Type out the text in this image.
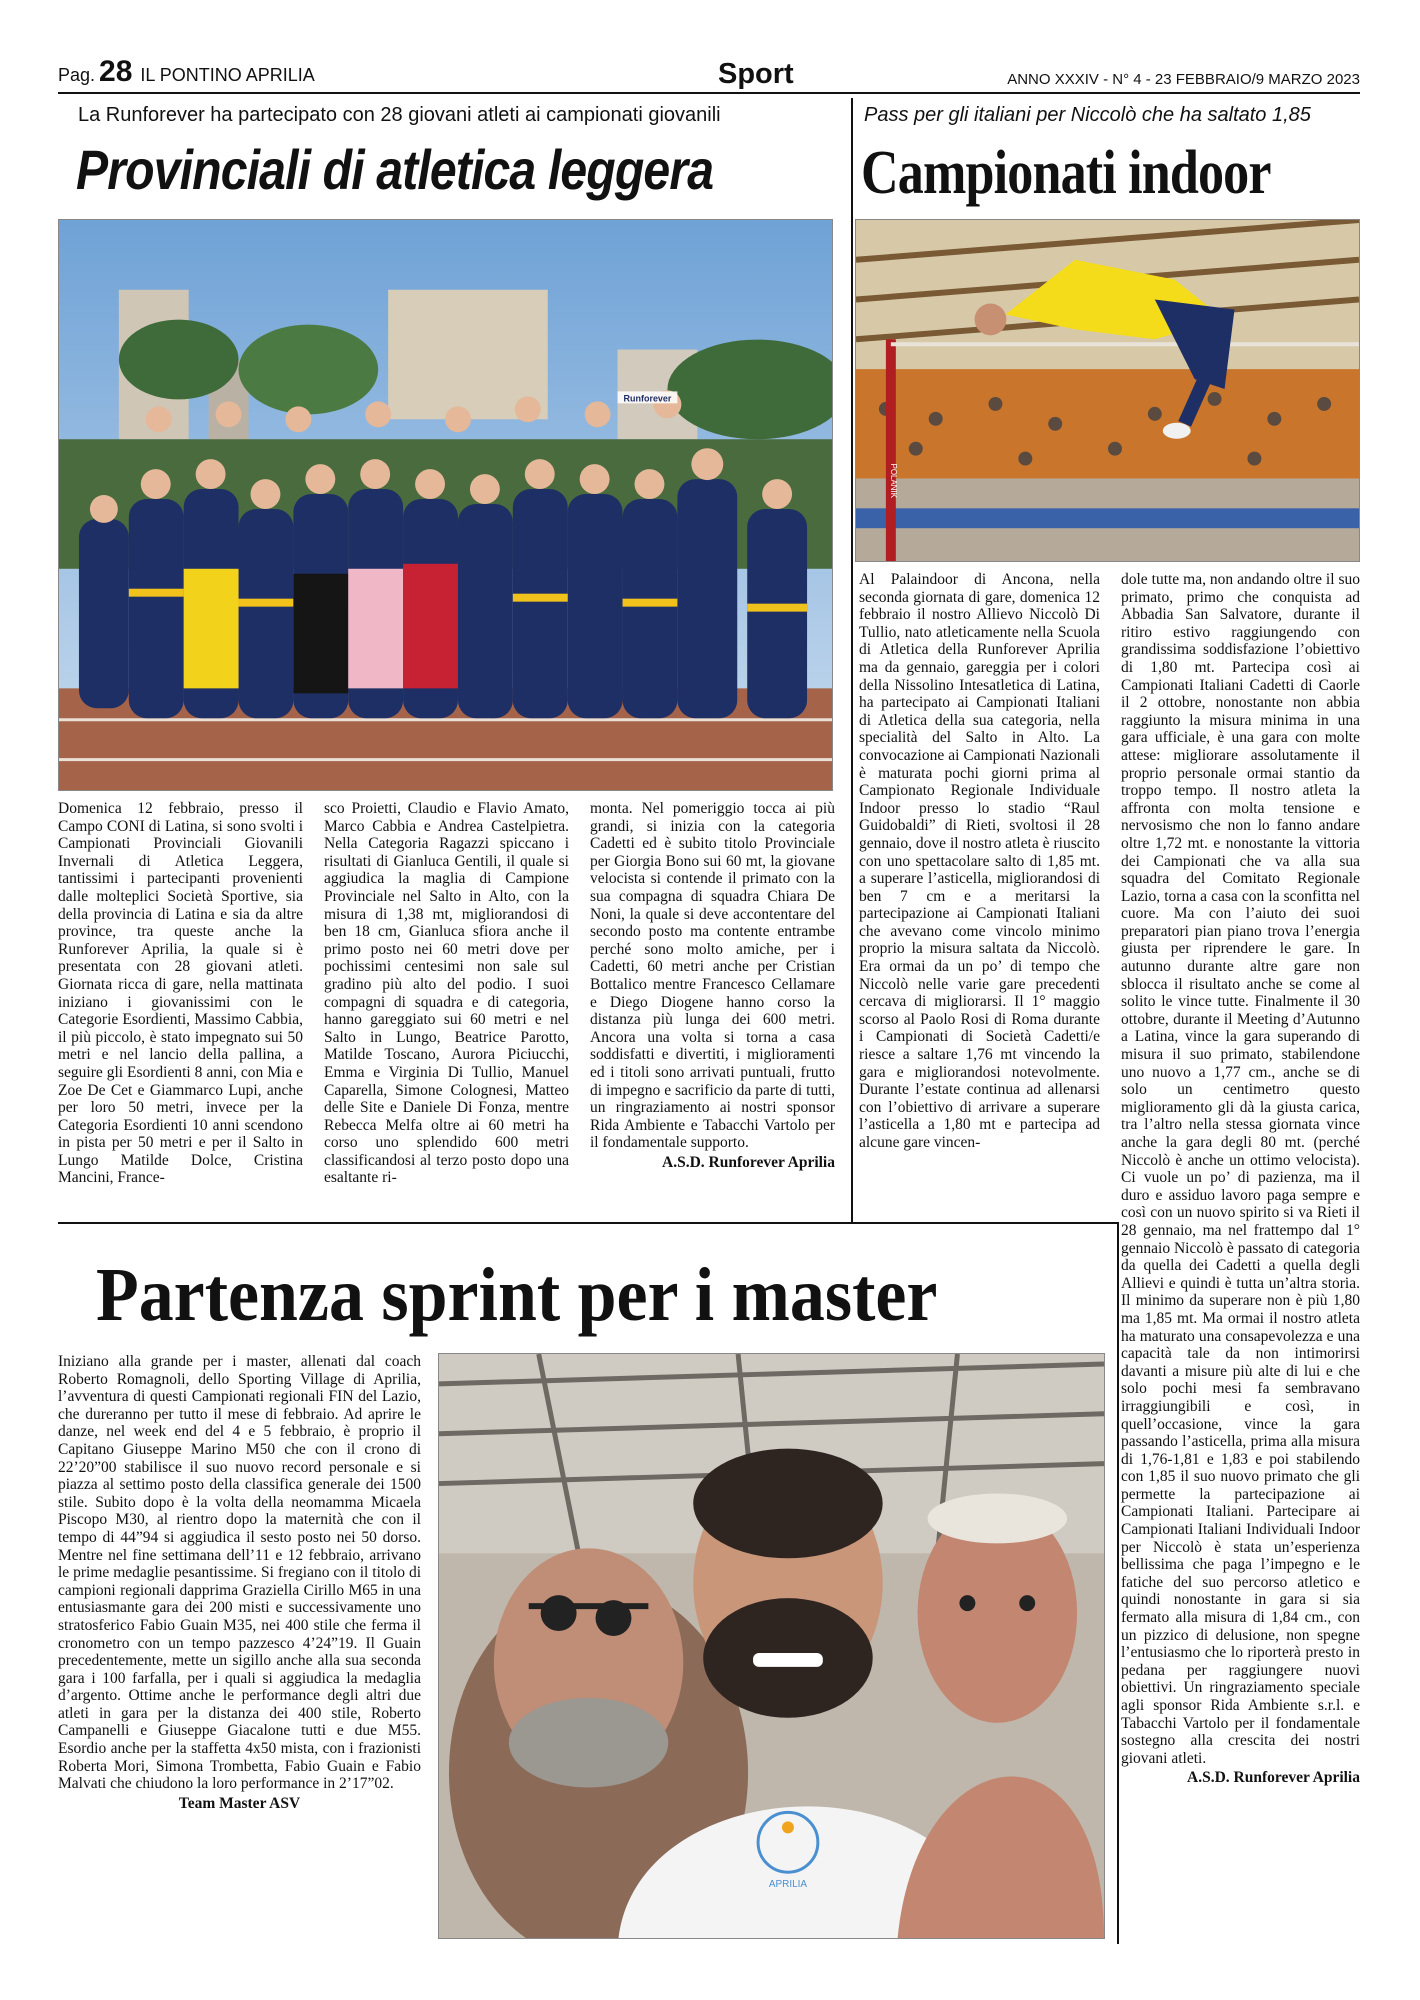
Pag. 28 IL PONTINO APRILIA	Sport	ANNO XXXIV - N° 4 - 23 FEBBRAIO/9 MARZO 2023
La Runforever ha partecipato con 28 giovani atleti ai campionati giovanili
Provinciali di atletica leggera
Runforever

Domenica 12 febbraio, presso il Campo CONI di Latina, si sono svolti i Campionati Provinciali Giovanili Invernali di Atletica Leggera, tantissimi i partecipanti provenienti dalle molteplici Società Sportive, sia della provincia di Latina e sia da altre province, tra queste anche la Runforever Aprilia, la quale si è presentata con 28 giovani atleti. Giornata ricca di gare, nella mattinata iniziano i giovanissimi con le Categorie Esordienti, Massimo Cabbia, il più piccolo, è stato impegnato sui 50 metri e nel lancio della pallina, a seguire gli Esordienti 8 anni, con Mia e Zoe De Cet e Giammarco Lupi, anche per loro 50 metri, invece per la Categoria Esordienti 10 anni scendono in pista per 50 metri e per il Salto in Lungo Matilde Dolce, Cristina Mancini, France-

sco Proietti, Claudio e Flavio Amato, Marco Cabbia e Andrea Castelpietra. Nella Categoria Ragazzi spiccano i risultati di Gianluca Gentili, il quale si aggiudica la maglia di Campione Provinciale nel Salto in Alto, con la misura di 1,38 mt, migliorandosi di ben 18 cm, Gianluca sfiora anche il primo posto nei 60 metri dove per pochissimi centesimi non sale sul gradino più alto del podio. I suoi compagni di squadra e di categoria, hanno gareggiato sui 60 metri e nel Salto in Lungo, Beatrice Parotto, Matilde Toscano, Aurora Piciucchi, Emma e Virginia Di Tullio, Manuel Caparella, Simone Colognesi, Matteo delle Site e Daniele Di Fonza, mentre Rebecca Melfa oltre ai 60 metri ha corso uno splendido 600 metri classificandosi al terzo posto dopo una esaltante ri-

monta. Nel pomeriggio tocca ai più grandi, si inizia con la categoria Cadetti ed è subito titolo Provinciale per Giorgia Bono sui 60 mt, la giovane velocista si contende il primato con la sua compagna di squadra Chiara De Noni, la quale si deve accontentare del secondo posto ma contente entrambe perché sono molto amiche, per i Cadetti, 60 metri anche per Cristian Bottalico mentre Francesco Cellamare e Diego Diogene hanno corso la distanza più lunga dei 600 metri. Ancora una volta si torna a casa soddisfatti e divertiti, i miglioramenti ed i titoli sono arrivati puntuali, frutto di impegno e sacrificio da parte di tutti, un ringraziamento ai nostri sponsor Rida Ambiente e Tabacchi Vartolo per il fondamentale supporto.

A.S.D. Runforever Aprilia
Pass per gli italiani per Niccolò che ha saltato 1,85
Campionati indoor
POLANIK

Al Palaindoor di Ancona, nella seconda giornata di gare, domenica 12 febbraio il nostro Allievo Niccolò Di Tullio, nato atleticamente nella Scuola di Atletica della Runforever Aprilia ma da gennaio, gareggia per i colori della Nissolino Intesatletica di Latina, ha partecipato ai Campionati Italiani di Atletica della sua categoria, nella specialità del Salto in Alto. La convocazione ai Campionati Nazionali è maturata pochi giorni prima al Campionato Regionale Individuale Indoor presso lo stadio “Raul Guidobaldi” di Rieti, svoltosi il 28 gennaio, dove il nostro atleta è riuscito con uno spettacolare salto di 1,85 mt. a superare l’asticella, migliorandosi di ben 7 cm e a meritarsi la partecipazione ai Campionati Italiani che avevano come vincolo minimo proprio la misura saltata da Niccolò. Era ormai da un po’ di tempo che Niccolò nelle varie gare precedenti cercava di migliorarsi. Il 1° maggio scorso al Paolo Rosi di Roma durante i Campionati di Società Cadetti/e riesce a saltare 1,76 mt vincendo la gara e migliorandosi notevolmente. Durante l’estate continua ad allenarsi con l’obiettivo di arrivare a superare l’asticella a 1,80 mt e partecipa ad alcune gare vincen-

dole tutte ma, non andando oltre il suo primato, primo che conquista ad Abbadia San Salvatore, durante il ritiro estivo raggiungendo con grandissima soddisfazione l’obiettivo di 1,80 mt. Partecipa così ai Campionati Italiani Cadetti di Caorle il 2 ottobre, nonostante non abbia raggiunto la misura minima in una gara ufficiale, è una gara con molte attese: migliorare assolutamente il proprio personale ormai stantio da troppo tempo. Il nostro atleta la affronta con molta tensione e nervosismo che non lo fanno andare oltre 1,72 mt. e nonostante la vittoria dei Campionati che va alla sua squadra del Comitato Regionale Lazio, torna a casa con la sconfitta nel cuore. Ma con l’aiuto dei suoi preparatori pian piano trova l’energia giusta per riprendere le gare. In autunno durante altre gare non sblocca il risultato anche se come al solito le vince tutte. Finalmente il 30 ottobre, durante il Meeting d’Autunno a Latina, vince la gara superando di misura il suo primato, stabilendone uno nuovo a 1,77 cm., anche se di solo un centimetro questo miglioramento gli dà la giusta carica, tra l’altro nella stessa giornata vince anche la gara degli 80 mt. (perché Niccolò è anche un ottimo velocista). Ci vuole un po’ di pazienza, ma il duro e assiduo lavoro paga sempre e così con un nuovo spirito si va Rieti il 28 gennaio, ma nel frattempo dal 1° gennaio Niccolò è passato di categoria da quella dei Cadetti a quella degli Allievi e quindi è tutta un’altra storia. Il minimo da superare non è più 1,80 ma 1,85 mt. Ma ormai il nostro atleta ha maturato una consapevolezza e una capacità tale da non intimorirsi davanti a misure più alte di lui e che solo pochi mesi fa sembravano irraggiungibili e così, in quell’occasione, vince la gara passando l’asticella, prima alla misura di 1,76-1,81 e 1,83 e poi stabilendo con 1,85 il suo nuovo primato che gli permette la partecipazione ai Campionati Italiani. Partecipare ai Campionati Italiani Individuali Indoor per Niccolò è stata un’esperienza bellissima che paga l’impegno e le fatiche del suo percorso atletico e quindi nonostante in gara si sia fermato alla misura di 1,84 cm., con un pizzico di delusione, non spegne l’entusiasmo che lo riporterà presto in pedana per raggiungere nuovi obiettivi. Un ringraziamento speciale agli sponsor Rida Ambiente s.r.l. e Tabacchi Vartolo per il fondamentale sostegno alla crescita dei nostri giovani atleti.

A.S.D. Runforever Aprilia
Partenza sprint per i master

Iniziano alla grande per i master, allenati dal coach Roberto Romagnoli, dello Sporting Village di Aprilia, l’avventura di questi Campionati regionali FIN del Lazio, che dureranno per tutto il mese di febbraio. Ad aprire le danze, nel week end del 4 e 5 febbraio, è proprio il Capitano Giuseppe Marino M50 che con il crono di 22’20”00 stabilisce il suo nuovo record personale e si piazza al settimo posto della classifica generale dei 1500 stile. Subito dopo è la volta della neomamma Micaela Piscopo M30, al rientro dopo la maternità che con il tempo di 44”94 si aggiudica il sesto posto nei 50 dorso. Mentre nel fine settimana dell’11 e 12 febbraio, arrivano le prime medaglie pesantissime. Si fregiano con il titolo di campioni regionali dapprima Graziella Cirillo M65 in una entusiasmante gara dei 200 misti e successivamente uno stratosferico Fabio Guain M35, nei 400 stile che ferma il cronometro con un tempo pazzesco 4’24”19. Il Guain precedentemente, mette un sigillo anche alla sua seconda gara i 100 farfalla, per i quali si aggiudica la medaglia d’argento. Ottime anche le performance degli altri due atleti in gara per la distanza dei 400 stile, Roberto Campanelli e Giuseppe Giacalone tutti e due M55. Esordio anche per la staffetta 4x50 mista, con i frazionisti Roberta Mori, Simona Trombetta, Fabio Guain e Fabio Malvati che chiudono la loro performance in 2’17”02.

Team Master ASV
APRILIA
